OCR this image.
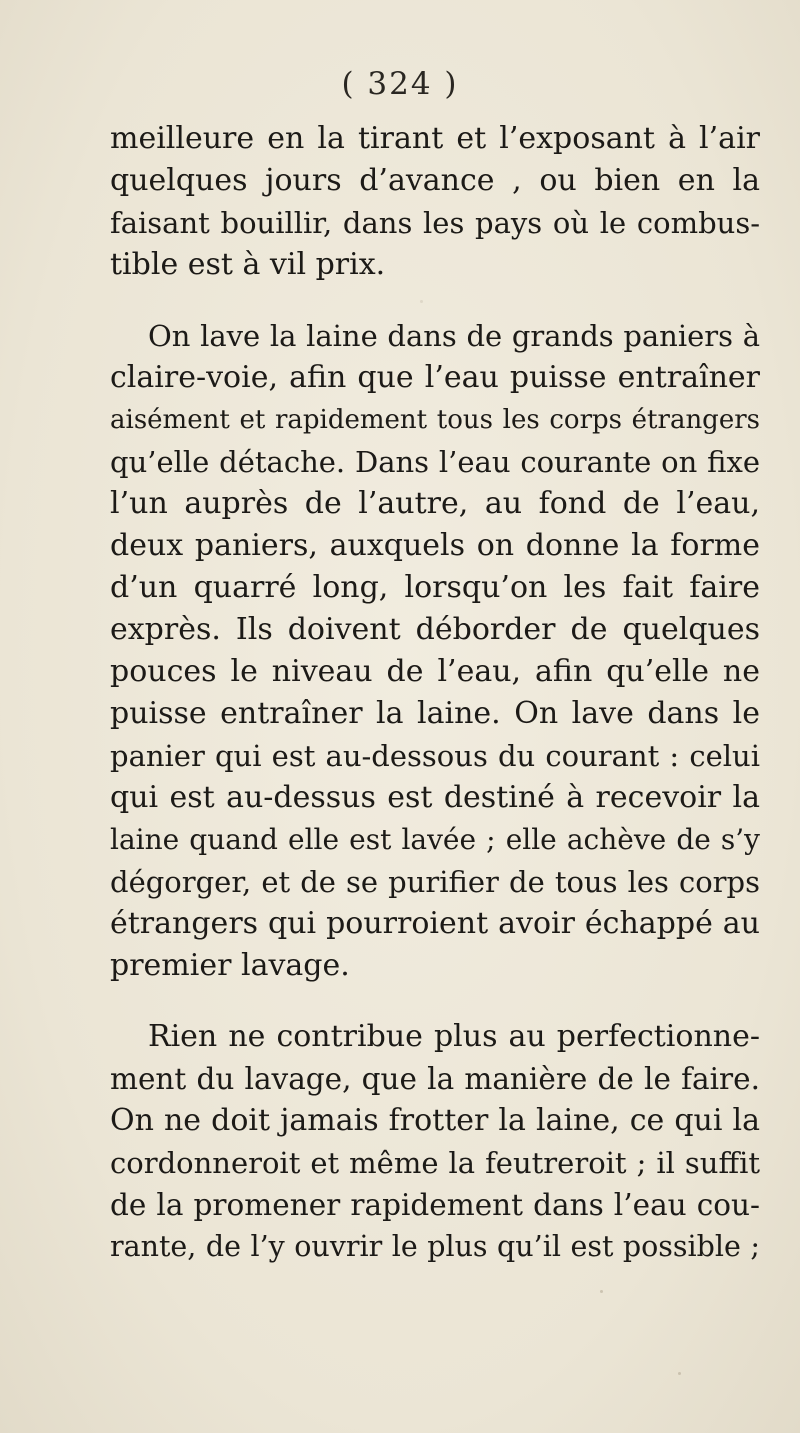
( 324 )
meilleure en la tirant et l’exposant à l’air
quelques jours d’avance , ou bien en la
faisant bouillir, dans les pays où le combus-
tible est à vil prix.
On lave la laine dans de grands paniers à
claire-voie, afin que l’eau puisse entraîner
aisément et rapidement tous les corps étrangers
qu’elle détache. Dans l’eau courante on fixe
l’un auprès de l’autre, au fond de l’eau,
deux paniers, auxquels on donne la forme
d’un quarré long, lorsqu’on les fait faire
exprès. Ils doivent déborder de quelques
pouces le niveau de l’eau, afin qu’elle ne
puisse entraîner la laine. On lave dans le
panier qui est au-dessous du courant : celui
qui est au-dessus est destiné à recevoir la
laine quand elle est lavée ; elle achève de s’y
dégorger, et de se purifier de tous les corps
étrangers qui pourroient avoir échappé au
premier lavage.
Rien ne contribue plus au perfectionne-
ment du lavage, que la manière de le faire.
On ne doit jamais frotter la laine, ce qui la
cordonneroit et même la feutreroit ; il suffit
de la promener rapidement dans l’eau cou-
rante, de l’y ouvrir le plus qu’il est possible ;
